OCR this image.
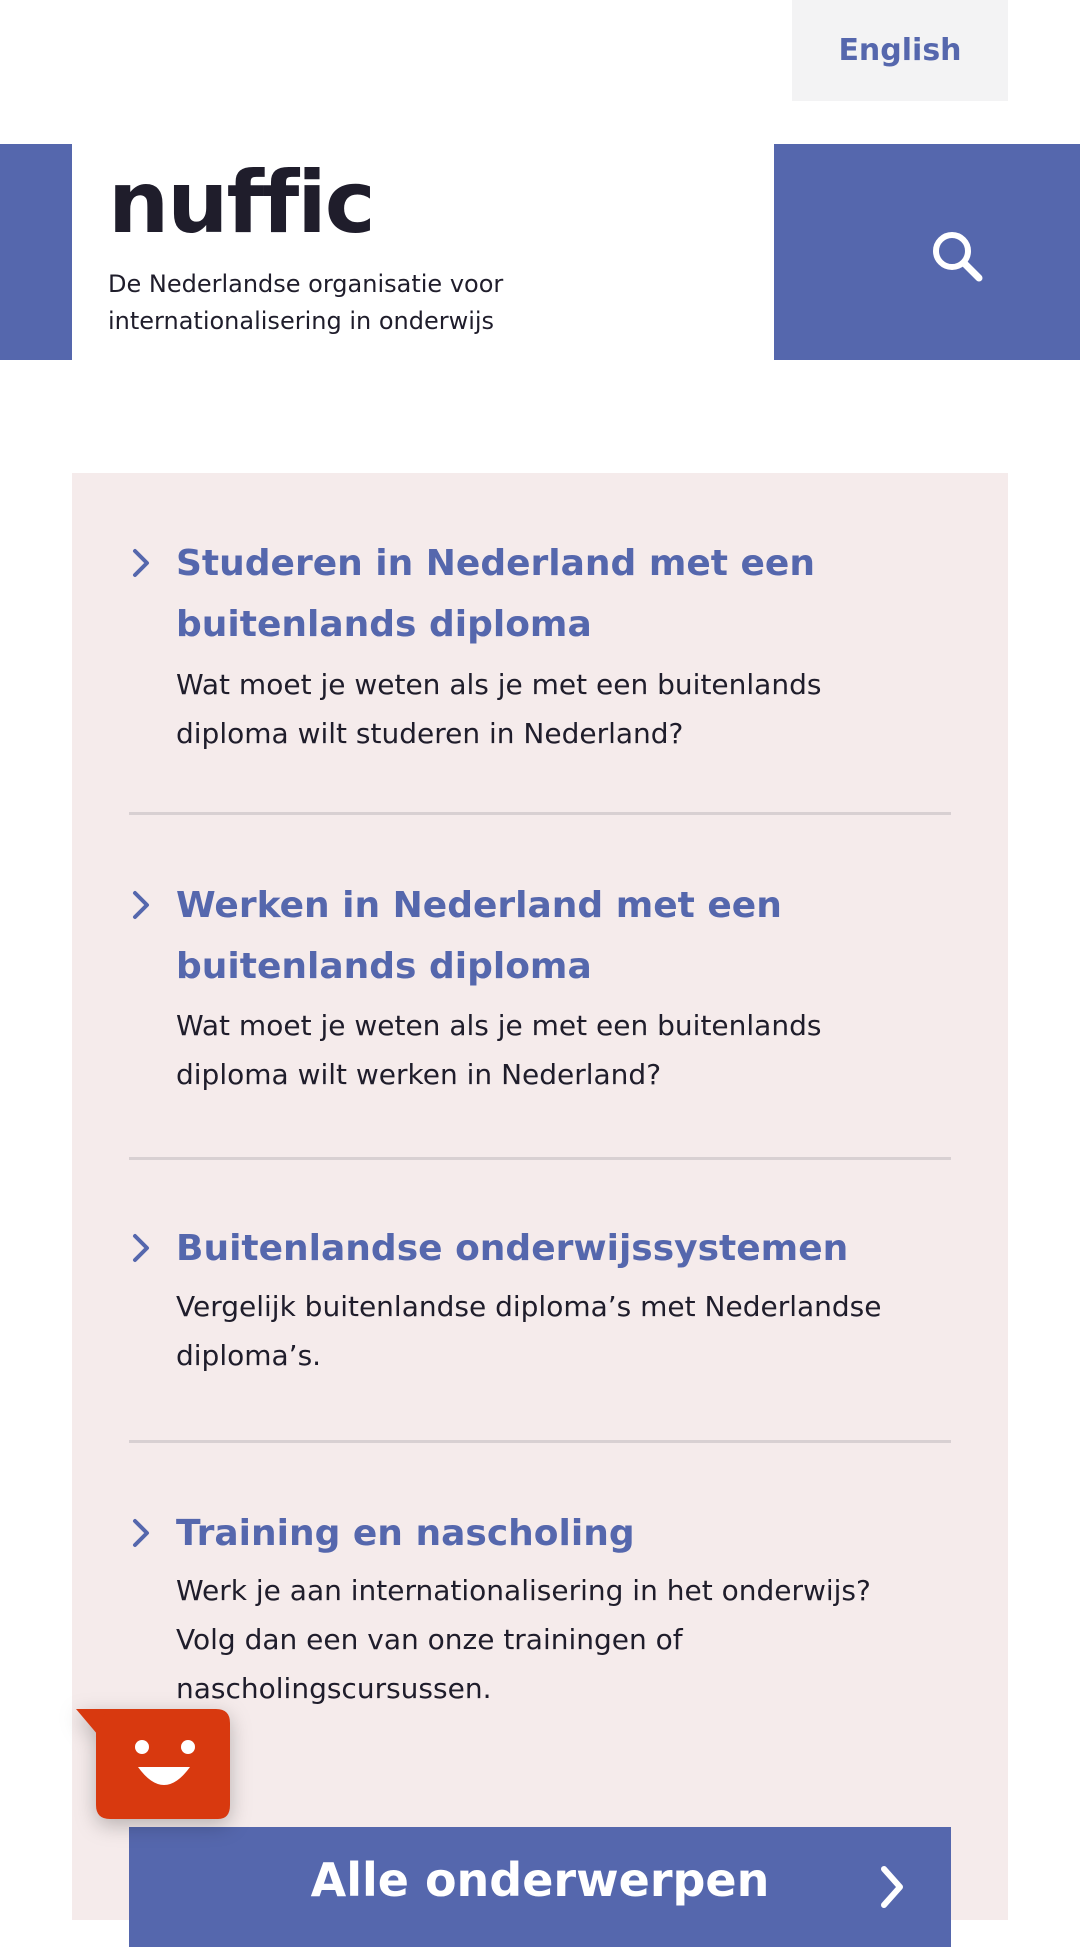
English
nuffic
De Nederlandse organisatie voor internationalisering in onderwijs
Studeren in Nederland met een buitenlands diploma
Wat moet je weten als je met een buitenlands diploma wilt studeren in Nederland?
Werken in Nederland met een buitenlands diploma
Wat moet je weten als je met een buitenlands diploma wilt werken in Nederland?
Buitenlandse onderwijssystemen
Vergelijk buitenlandse diploma’s met Nederlandse diploma’s.
Training en nascholing
Werk je aan internationalisering in het onderwijs? Volg dan een van onze trainingen of nascholingscursussen.
Alle onderwerpen
